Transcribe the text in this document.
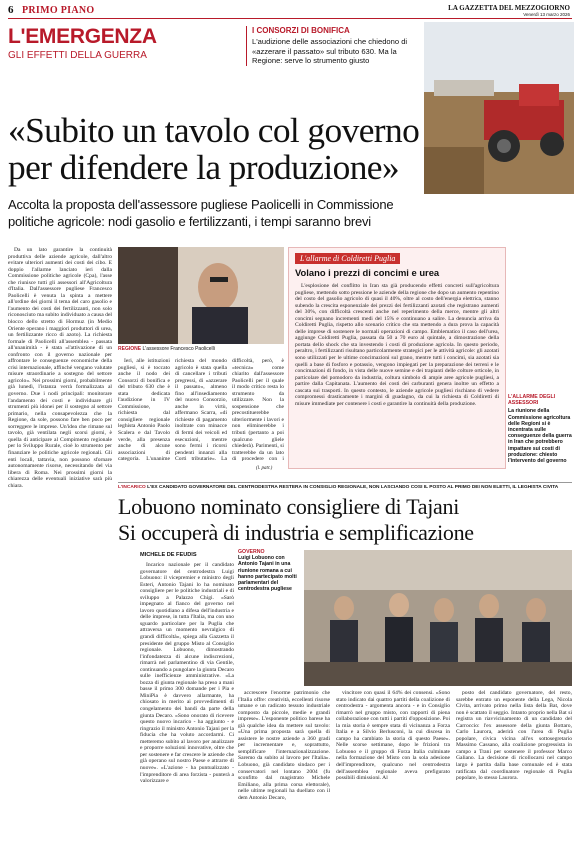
6 PRIMO PIANO	LA GAZZETTA DEL MEZZOGIORNO
Venerdì 13 marzo 2026
L'EMERGENZA
GLI EFFETTI DELLA GUERRA
I CONSORZI DI BONIFICA
L'audizione delle associazioni che chiedono di «azzerare il passato» sul tributo 630. Ma la Regione: serve lo strumento giusto
«Subito un tavolo col governo
per difendere la produzione»
Accolta la proposta dell'assessore pugliese Paolicelli in Commissione
politiche agricole: nodi gasolio e fertilizzanti, i tempi saranno brevi

Da un lato garantire la continuità produttiva delle aziende agricole, dall'altro evitare ulteriori aumenti dei costi dei cibo. E doppio l'allarme lanciato ieri dalla Commissione politiche agricole (Cpa), l'asse che riunisce tutti gli assessori all'Agricoltura d'Italia. Dall'assessore pugliese Francesco Paolicelli è venuta la spinta a mettere all'ordine dei giorni il tema del caro gasolio e l'aumento dei costi dei fertilizzanti, non solo riconosciuto ma subito individuato a causa del blocco dello stretto di Hormuz (in Medio Oriente operano i maggiori produttori di urea, un fertilizzante ricco di azoto). La richiesta formale di Paolicelli all'assemblea - passata all'unanimità - è stata «l'attivazione di un confronto con il governo nazionale per affrontare le conseguenze economiche della crisi internazionale, affinché vengano valutate misure straordinarie a sostegno del settore agricolo». Nei prossimi giorni, probabilmente già lunedì, l'istanza verrà formalizzata al governo. Due i nodi principali: monitorare l'andamento dei costi e individuare gli strumenti più idonei per il sostegno al settore primario, nella consapevolezza che la Regione, da sole, possono fare ben poco per sorreggere le imprese. Un'idea che rimane sul tavolo, già ventilata negli scorsi giorni, è quella di anticipare al Compimento regionale per lo Sviluppo Rurale, cioè lo strumento per finanziare le politiche agricole regionali. Gli enti locali, tattavia, non possono sfornare autonomamente risorse, necessitando del via libera di Roma. Nei prossimi giorni la chiarezza delle eventuali iniziative sarà più chiara.

REGIONE L'assessore Francesco Paolicelli

Ieri, alle istituzioni pugliesi, si è toccato anche il nodo dei Consorzi di bonifica e del tributo 630 che è stata dedicata l'audizione in IV Commissione, richiesta dal consigliere regionale leghista Antonio Paolo Scalera e dal Tavolo verde, alla presenza anche di alcune associazioni di categoria. L'unanime richiesta del mondo agricolo è stata quella di cancellare i tributi pregressi, di «azzerare il passato», almeno fino all'insediamento del nuovo Consorzio, anche in virtù, affermano Scarra, «di richieste di pagamento inoltrate con minacce di fermi dei veicoli ed esecuzioni, mentre sono fermi i ricorsi pendenti innanzi alla Corti tributarie». La difficoltà, però, è «tecnica» come chiarito dall'assessore Paolicelli per il quale il modo critico resta lo strumento da utilizzare. Non la sospensione che precostituerebbe ulteriormente i lavori e non eliminerebbe i tributi (pertanto a poi qualcuno gliele chiederà). Parimenti, si tratterebbe da un lato di procedere con i

(l. patr.)
L'allarme di Coldiretti Puglia
Volano i prezzi di concimi e urea

L'esplosione del conflitto in Iran sta già producendo effetti concreti sull'agricoltura pugliese, mettendo sotto pressione le aziende della regione che dopo un aumento repentino del costo del gasolio agricolo di quasi il 40%, oltre al costo dell'energia elettrica, stanno subendo la crescita esponenziale dei prezzi dei fertilizzanti azotati che registrano aumenti del 30%, con difficoltà crescenti anche nel reperimento della merce, mentre gli altri concimi segnano incrementi medi del 15% e continuano a salire. La denuncia arriva da Coldiretti Puglia, rispetto allo scenario critico che sta mettendo a dura prova la capacità delle imprese di sostenere le normali operazioni di campo. Emblematico il caso dell'urea, aggiunge Coldiretti Puglia, passata da 50 a 70 euro al quintale, a dimostrazione della portata dello shock che sta investendo i costi di produzione agricola. In questo periodo, peraltro, i fertilizzanti risultano particolarmente strategici per le attività agricole: gli azotati sono utilizzati per le ultime concimazioni sul grano, mentre tutti i concimi, sia azotati sia quelli a base di fosforo e potassio, vengono impiegati per la preparazione dei terreni e le concimazioni di fondo, in vista delle nuove semine e dei trapianti delle colture orticole, in particolare del pomodoro da industria, coltura simbolo di ampie aree agricole pugliesi, a partire dalla Capitanata. L'aumento dei costi dei carburanti genera inoltre un effetto a cascata sui trasporti. In questo contesto, le aziende agricole pugliesi rischiano di vedere compromessi drasticamente i margini di guadagno, da cui la richiesta di Coldiretti di misure immediate per contenere i costi e garantire la continuità della produzione.

L'ALLARME DEGLI ASSESSORI
La riunione della Commissione agricoltura delle Regioni si è incentrata sulle conseguenze della guerra in Iran che potrebbero impattare sui costi di produzione: chiesto l'intervento del governo
L'INCARICO L'EX CANDIDATO GOVERNATORE DEL CENTRODESTRA RESTERÀ IN CONSIGLIO REGIONALE, NON LASCIANDO COSÌ IL POSTO AL PRIMO DEI NON ELETTI, IL LEGHISTA CIVITA
Lobuono nominato consigliere di Tajani
Si occuperà di industria e semplificazione
MICHELE DE FEUDIS

Incarico nazionale per il candidato governatore del centrodestra Luigi Lobuono: il vicepremier e ministro degli Esteri, Antonio Tajani lo ha nominato consigliere per le politiche industriali e di sviluppo a Palazzo Chigi. «Sarò impegnato al fianco del governo nel lavoro quotidiano a difesa dell'industria e delle imprese, in tutta l'Italia, ma con uno sguardo particolare per la Puglia che attraversa un momento nevralgico di grandi difficoltà», spiega alla Gazzetta il presidente del gruppo Misto al Consiglio regionale. Lobuono, dimostrando l'infondatezza di alcune indiscrezioni, rimarrà nel parlamentino di via Gentile, continuando a pungolare la giunta Decaro sulle inefficienze amministrative. «La bozza di giunta regionale ha preso a mani basse il primo 300 domande per i Pia e MiniPia è davvero allarmante, ha chiosato in merito ai provvedimenti di congelamento dei bandi da parte della giunta Decaro. «Sono onorato di ricevere questo nuovo incarico - ha aggiunto - e ringrazio il ministro Antonio Tajani per la fiducia che ha voluto accordarmi. Ci metteremo subito al lavoro per analizzare e proporre soluzioni innovative, oltre che per sostenere e far crescere le aziende che già operano sul nostro Paese e attrarre di nuove». «L'azione - ha puntualizzato - l'imprenditore di area forzista - punterà a valorizzare e

GOVERNO
Luigi Lobuono con Antonio Tajani in una riunione romana a cui hanno partecipato molti parlamentari del centrodestra pugliese

accrescere l'enorme patrimonio che l'Italia offre: creatività, eccellenti risorse umane e un radicato tessuto industriale composto da piccole, medie e grandi imprese». L'esponente politico barese ha già qualche idea da mettere sul tavolo: «Una prima proposta sarà quella di assistere le nostre aziende a 360 gradi per incrementare e, soprattutto, semplificare l'internazionalizzazione. Saremo da subito al lavoro per l'Italia». Lobuono, già candidato sindaco per i conservatori nel lontano 2004 (fu sconfitto dal magistrato Michele Emiliano, alla prima corsa elettorale), nelle ultime regionali ha duellato con il dem Antonio Decaro,

vincitore con quasi il 64% dei consensi. «Sono stato indicato dai quattro partiti della coalizione di centrodestra - argomenta ancora - e in Consiglio rimarrò nel gruppo misto, con rapporti di piena collaborazione con tutti i partiti d'opposizione. Poi la mia storia è sempre stata di vicinanza a Forza Italia e a Silvio Berlusconi, la cui discesa in campo ha cambiato la storia di questo Paese». Nelle scorse settimane, dopo le frizioni tra Lobuono e il gruppo di Forza Italia culminate nella formazione del Misto con la sola adesione dell'imprenditore, qualcuno nel centrodestra dell'assemblea regionale aveva prefigurato possibili dimissioni. Al

posto del candidato governatore, del resto, sarebbe entrato un esponente della Lega, Nicola Civita, arrivato primo nella lista della Bat, dove non è scattato il seggio. Intanto proprio nella Bat si registra un riavvicinamento di un candidato del Carroccio: l'ex assessore della giunta Bottaro, Carlo Laurora, aderirà con l'area di Puglia popolare, civica vicina all'ex sottosegretario Massimo Cassano, alla coalizione progressista in campo a Trani per sostenere il professor Marco Galiano. La decisione di ricollocarsi nel campo largo è partita dalla base comunale ed è stata ratificata dal coordinatore regionale di Puglia popolare, lo stesso Laurora.
